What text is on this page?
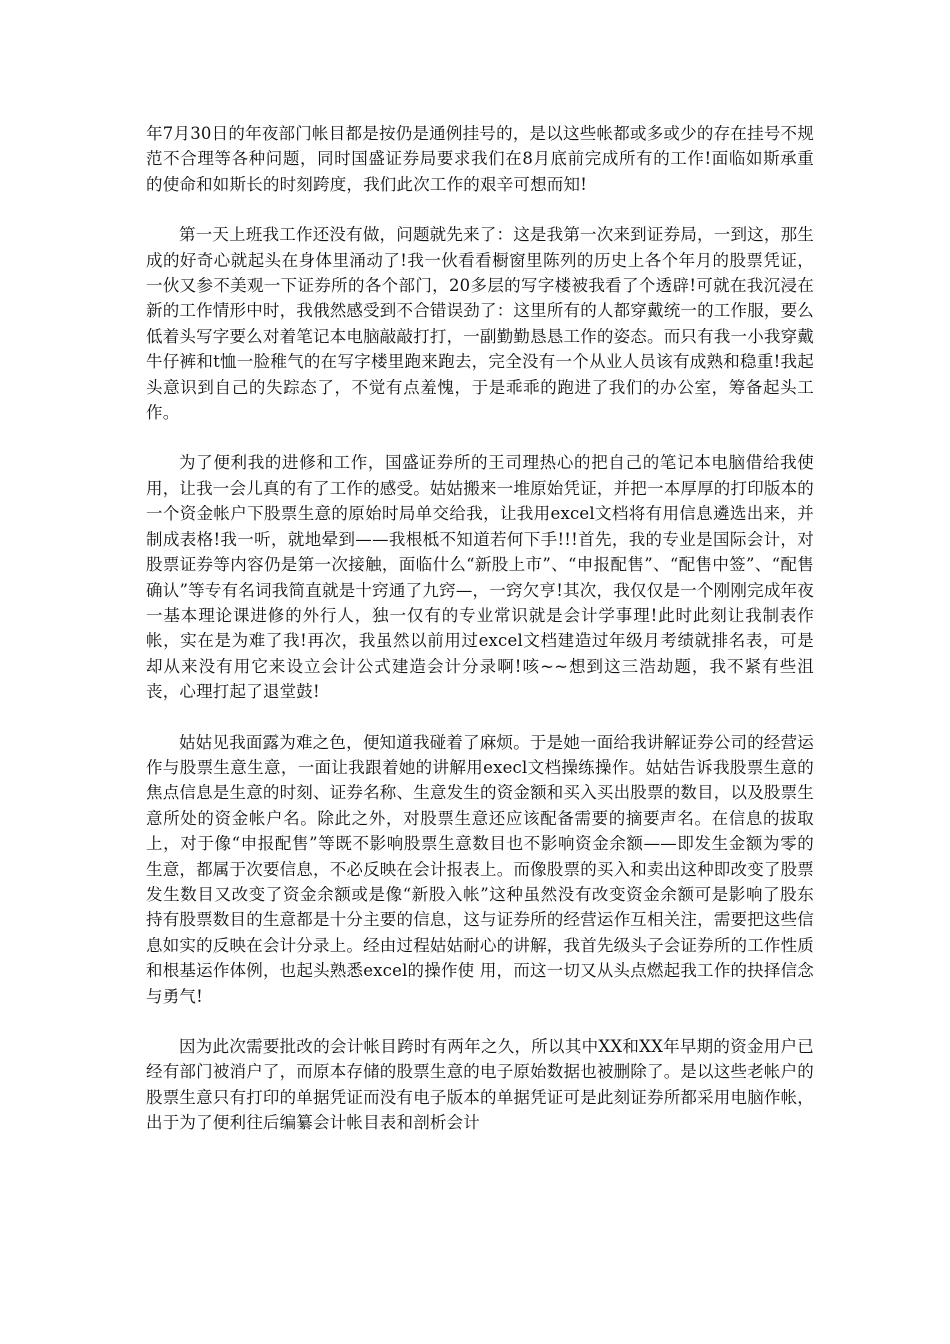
年7月30日的年夜部门帐目都是按仍是通例挂号的，是以这些帐都或多或少的存在挂号不规范不合理等各种问题，同时国盛证券局要求我们在8月底前完成所有的工作!面临如斯承重的使命和如斯长的时刻跨度，我们此次工作的艰辛可想而知!

第一天上班我工作还没有做，问题就先来了：这是我第一次来到证券局，一到这，那生成的好奇心就起头在身体里涌动了!我一伙看看橱窗里陈列的历史上各个年月的股票凭证，一伙又参不美观一下证券所的各个部门，20多层的写字楼被我看了个透辟!可就在我沉浸在新的工作情形中时，我俄然感受到不合错误劲了：这里所有的人都穿戴统一的工作服，要么低着头写字要么对着笔记本电脑敲敲打打，一副勤勤恳恳工作的姿态。而只有我一小我穿戴牛仔裤和t恤一脸稚气的在写字楼里跑来跑去，完全没有一个从业人员该有成熟和稳重!我起头意识到自己的失踪态了，不觉有点羞愧，于是乖乖的跑进了我们的办公室，筹备起头工作。

为了便利我的进修和工作，国盛证券所的王司理热心的把自己的笔记本电脑借给我使用，让我一会儿真的有了工作的感受。姑姑搬来一堆原始凭证，并把一本厚厚的打印版本的一个资金帐户下股票生意的原始时局单交给我，让我用excel文档将有用信息遴选出来，并制成表格!我一听，就地晕到——我根柢不知道若何下手!!!首先，我的专业是国际会计，对股票证券等内容仍是第一次接触，面临什么“新股上市”、“申报配售”、“配售中签”、“配售确认”等专有名词我简直就是十窍通了九窍—，一窍欠亨!其次，我仅仅是一个刚刚完成年夜一基本理论课进修的外行人，独一仅有的专业常识就是会计学事理!此时此刻让我制表作帐，实在是为难了我!再次，我虽然以前用过excel文档建造过年级月考绩就排名表，可是却从来没有用它来设立会计公式建造会计分录啊!咳~~想到这三浩劫题，我不紧有些沮丧，心理打起了退堂鼓!

姑姑见我面露为难之色，便知道我碰着了麻烦。于是她一面给我讲解证券公司的经营运作与股票生意生意，一面让我跟着她的讲解用execl文档操练操作。姑姑告诉我股票生意的焦点信息是生意的时刻、证券名称、生意发生的资金额和买入买出股票的数目，以及股票生意所处的资金帐户名。除此之外，对股票生意还应该配备需要的摘要声名。在信息的拔取上，对于像“申报配售”等既不影响股票生意数目也不影响资金余额——即发生金额为零的生意，都属于次要信息，不必反映在会计报表上。而像股票的买入和卖出这种即改变了股票发生数目又改变了资金余额或是像“新股入帐”这种虽然没有改变资金余额可是影响了股东持有股票数目的生意都是十分主要的信息，这与证券所的经营运作互相关注，需要把这些信息如实的反映在会计分录上。经由过程姑姑耐心的讲解，我首先级头子会证券所的工作性质和根基运作体例，也起头熟悉excel的操作使 用，而这一切又从头点燃起我工作的抉择信念与勇气!

因为此次需要批改的会计帐目跨时有两年之久，所以其中XX和XX年早期的资金用户已经有部门被消户了，而原本存储的股票生意的电子原始数据也被删除了。是以这些老帐户的股票生意只有打印的单据凭证而没有电子版本的单据凭证可是此刻证券所都采用电脑作帐，出于为了便利往后编纂会计帐目表和剖析会计
